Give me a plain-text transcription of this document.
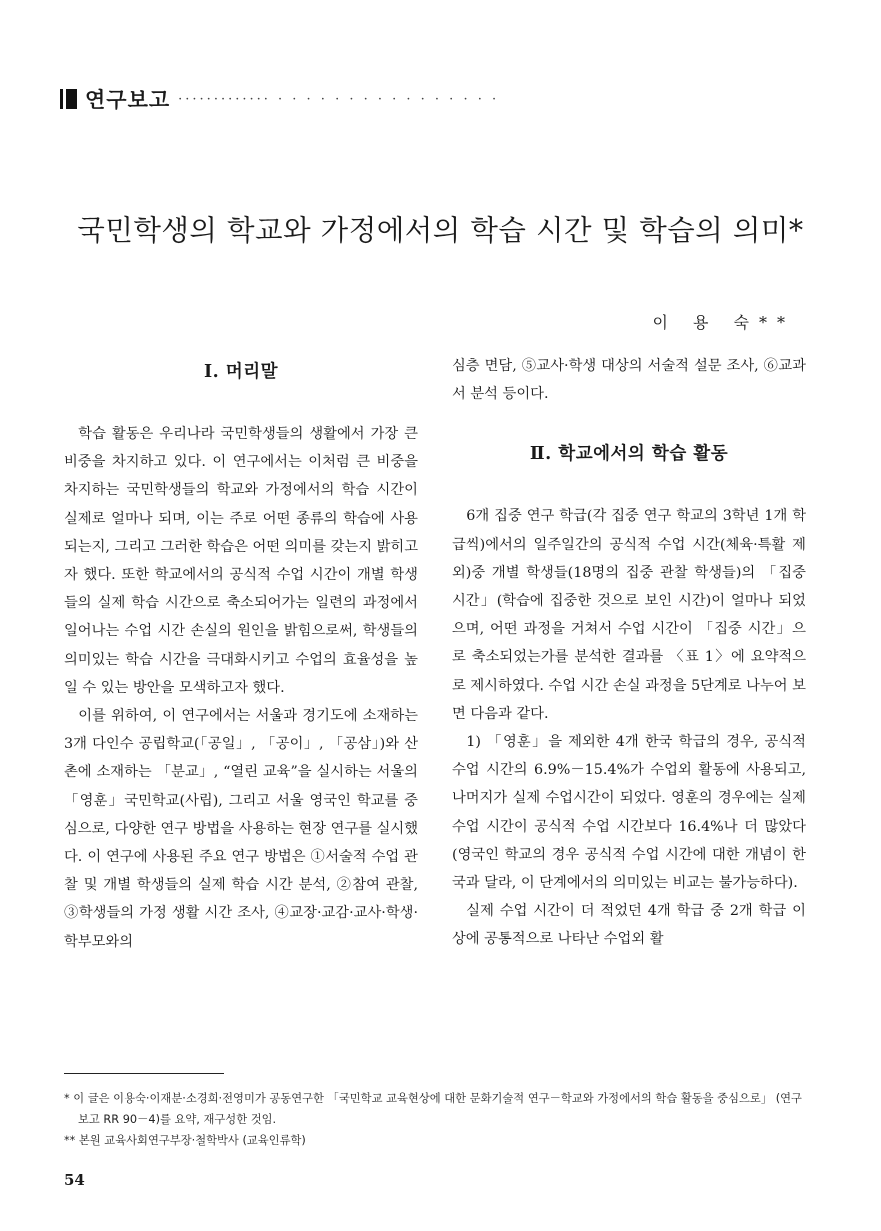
연구보고 ············· · · · · · · · · · · · · · · · ·
국민학생의 학교와 가정에서의 학습 시간 및 학습의 의미*
이 용 숙**
Ⅰ. 머리말

학습 활동은 우리나라 국민학생들의 생활에서 가장 큰 비중을 차지하고 있다. 이 연구에서는 이처럼 큰 비중을 차지하는 국민학생들의 학교와 가정에서의 학습 시간이 실제로 얼마나 되며, 이는 주로 어떤 종류의 학습에 사용되는지, 그리고 그러한 학습은 어떤 의미를 갖는지 밝히고자 했다. 또한 학교에서의 공식적 수업 시간이 개별 학생들의 실제 학습 시간으로 축소되어가는 일련의 과정에서 일어나는 수업 시간 손실의 원인을 밝힘으로써, 학생들의 의미있는 학습 시간을 극대화시키고 수업의 효율성을 높일 수 있는 방안을 모색하고자 했다.

이를 위하여, 이 연구에서는 서울과 경기도에 소재하는 3개 다인수 공립학교(「공일」, 「공이」, 「공삼」)와 산촌에 소재하는 「분교」, “열린 교육”을 실시하는 서울의 「영훈」국민학교(사립), 그리고 서울 영국인 학교를 중심으로, 다양한 연구 방법을 사용하는 현장 연구를 실시했다. 이 연구에 사용된 주요 연구 방법은 ①서술적 수업 관찰 및 개별 학생들의 실제 학습 시간 분석, ②참여 관찰, ③학생들의 가정 생활 시간 조사, ④교장·교감·교사·학생·학부모와의

심층 면담, ⑤교사·학생 대상의 서술적 설문 조사, ⑥교과서 분석 등이다.

Ⅱ. 학교에서의 학습 활동

6개 집중 연구 학급(각 집중 연구 학교의 3학년 1개 학급씩)에서의 일주일간의 공식적 수업 시간(체육·특활 제외)중 개별 학생들(18명의 집중 관찰 학생들)의 「집중 시간」(학습에 집중한 것으로 보인 시간)이 얼마나 되었으며, 어떤 과정을 거쳐서 수업 시간이 「집중 시간」으로 축소되었는가를 분석한 결과를 〈표 1〉에 요약적으로 제시하였다. 수업 시간 손실 과정을 5단계로 나누어 보면 다음과 같다.

1) 「영훈」을 제외한 4개 한국 학급의 경우, 공식적 수업 시간의 6.9%－15.4%가 수업외 활동에 사용되고, 나머지가 실제 수업시간이 되었다. 영훈의 경우에는 실제 수업 시간이 공식적 수업 시간보다 16.4%나 더 많았다(영국인 학교의 경우 공식적 수업 시간에 대한 개념이 한국과 달라, 이 단계에서의 의미있는 비교는 불가능하다).

실제 수업 시간이 더 적었던 4개 학급 중 2개 학급 이상에 공통적으로 나타난 수업외 활

* 이 글은 이용숙·이재분·소경희·전영미가 공동연구한 「국민학교 교육현상에 대한 문화기술적 연구－학교와 가정에서의 학습 활동을 중심으로」 (연구보고 RR 90－4)를 요약, 재구성한 것임.

** 본원 교육사회연구부장·철학박사 (교육인류학)

54
